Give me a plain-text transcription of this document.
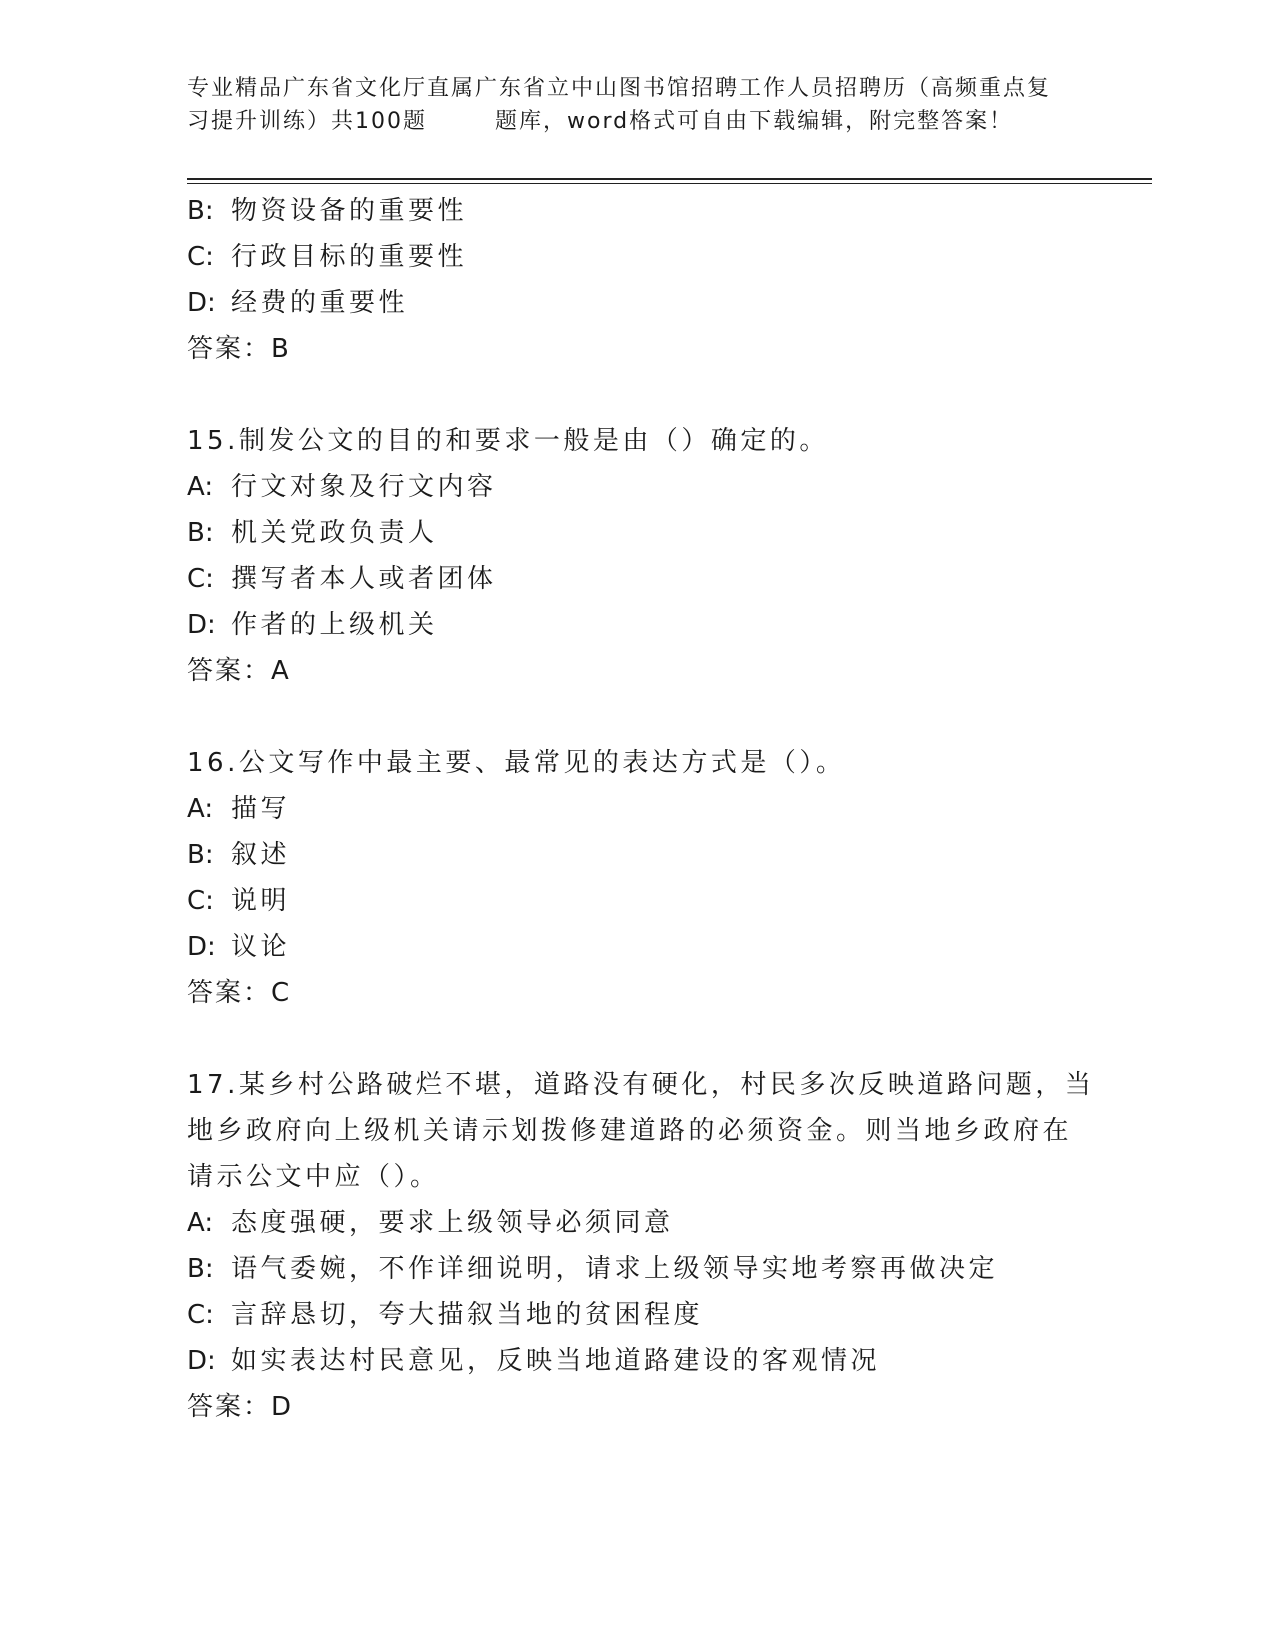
专业精品广东省文化厅直属广东省立中山图书馆招聘工作人员招聘历（高频重点复
习提升训练）共100题	题库，word格式可自由下载编辑，附完整答案！
B: 物资设备的重要性
C: 行政目标的重要性
D: 经费的重要性
答案：B
15.制发公文的目的和要求一般是由（）确定的。
A: 行文对象及行文内容
B: 机关党政负责人
C: 撰写者本人或者团体
D: 作者的上级机关
答案：A
16.公文写作中最主要、最常见的表达方式是（）。
A: 描写
B: 叙述
C: 说明
D: 议论
答案：C
17.某乡村公路破烂不堪，道路没有硬化，村民多次反映道路问题，当
地乡政府向上级机关请示划拨修建道路的必须资金。则当地乡政府在
请示公文中应（）。
A: 态度强硬，要求上级领导必须同意
B: 语气委婉，不作详细说明，请求上级领导实地考察再做决定
C: 言辞恳切，夸大描叙当地的贫困程度
D: 如实表达村民意见，反映当地道路建设的客观情况
答案：D
